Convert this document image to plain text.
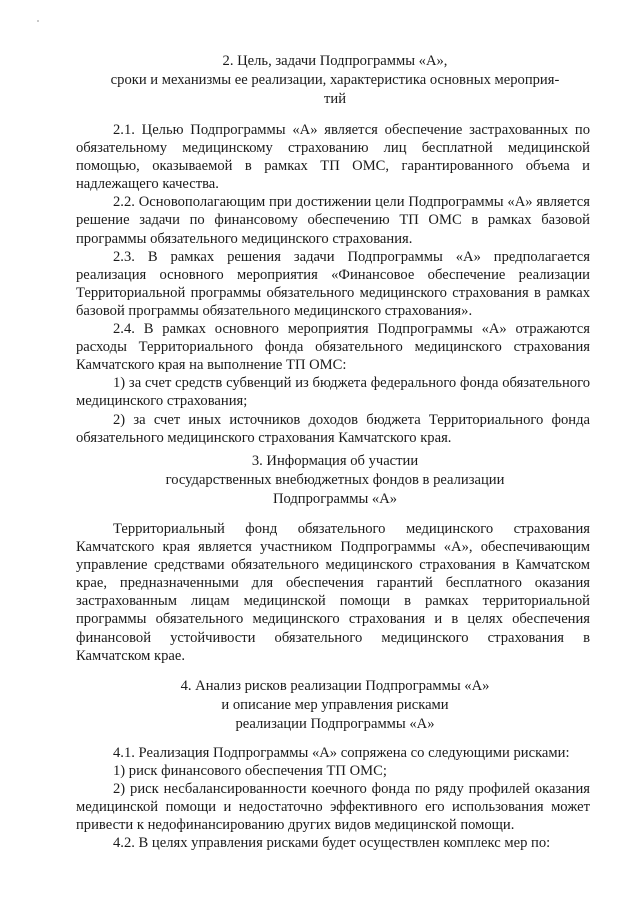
2. Цель, задачи Подпрограммы «А»,
сроки и механизмы ее реализации, характеристика основных мероприя-
тий

2.1. Целью Подпрограммы «А» является обеспечение застрахованных по обязательному медицинскому страхованию лиц бесплатной медицинской помощью, оказываемой в рамках ТП ОМС, гарантированного объема и надлежащего качества.

2.2. Основополагающим при достижении цели Подпрограммы «А» является решение задачи по финансовому обеспечению ТП ОМС в рамках базовой программы обязательного медицинского страхования.

2.3. В рамках решения задачи Подпрограммы «А» предполагается реализация основного мероприятия «Финансовое обеспечение реализации Территориальной программы обязательного медицинского страхования в рамках базовой программы обязательного медицинского страхования».

2.4. В рамках основного мероприятия Подпрограммы «А» отражаются расходы Территориального фонда обязательного медицинского страхования Камчатского края на выполнение ТП ОМС:

1) за счет средств субвенций из бюджета федерального фонда обязательного медицинского страхования;

2) за счет иных источников доходов бюджета Территориального фонда обязательного медицинского страхования Камчатского края.

3. Информация об участии
государственных внебюджетных фондов в реализации
Подпрограммы «А»

Территориальный фонд обязательного медицинского страхования Камчатского края является участником Подпрограммы «А», обеспечивающим управление средствами обязательного медицинского страхования в Камчатском крае, предназначенными для обеспечения гарантий бесплатного оказания застрахованным лицам медицинской помощи в рамках территориальной программы обязательного медицинского страхования и в целях обеспечения финансовой устойчивости обязательного медицинского страхования в Камчатском крае.

4. Анализ рисков реализации Подпрограммы «А»
и описание мер управления рисками
реализации Подпрограммы «А»

4.1. Реализация Подпрограммы «А» сопряжена со следующими рисками:

1) риск финансового обеспечения ТП ОМС;

2) риск несбалансированности коечного фонда по ряду профилей оказания медицинской помощи и недостаточно эффективного его использования может привести к недофинансированию других видов медицинской помощи.

4.2. В целях управления рисками будет осуществлен комплекс мер по:
